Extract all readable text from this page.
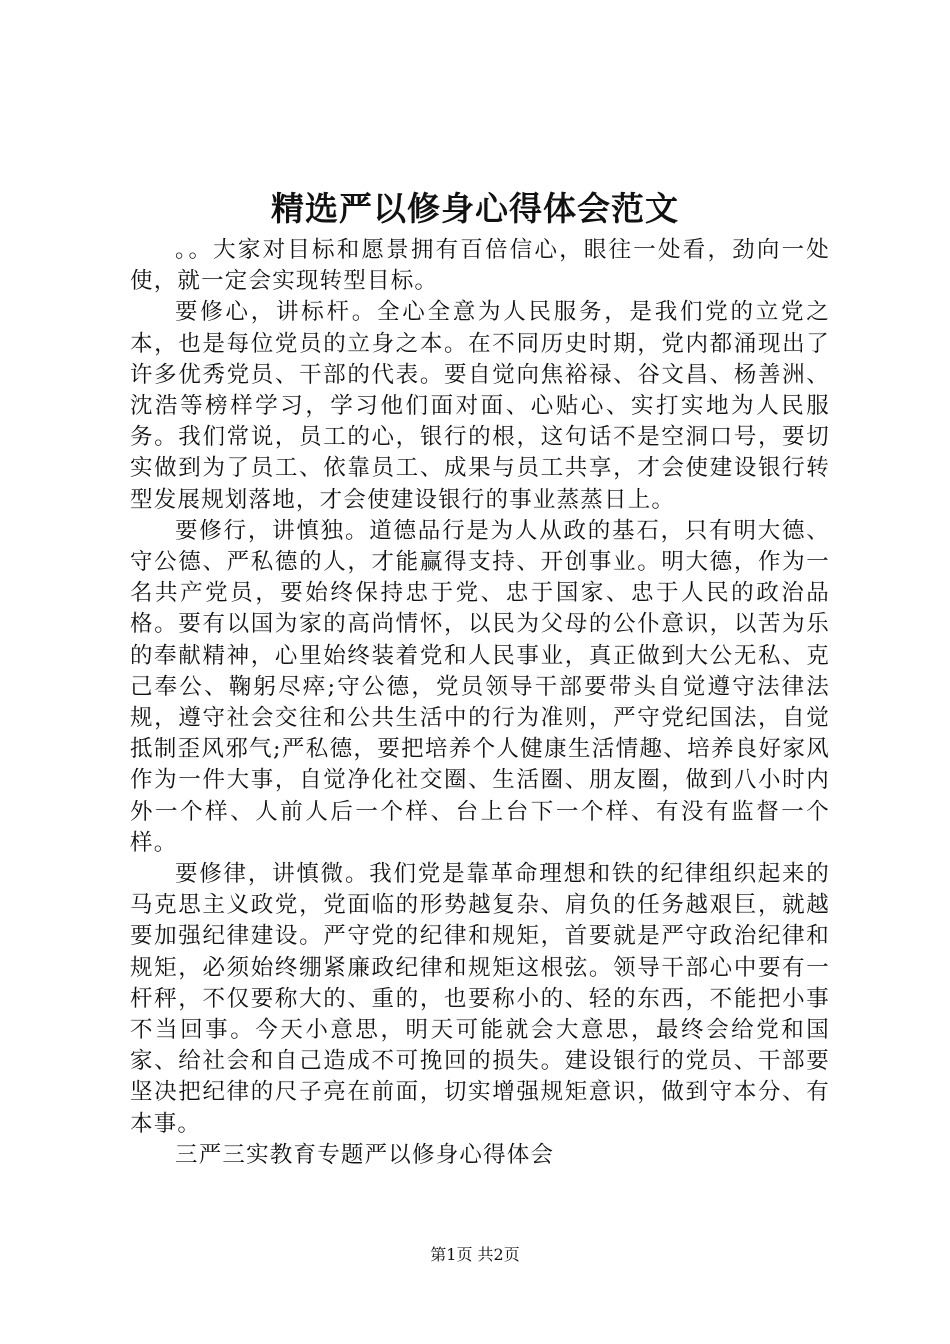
精选严以修身心得体会范文

。。大家对目标和愿景拥有百倍信心，眼往一处看，劲向一处使，就一定会实现转型目标。

要修心，讲标杆。全心全意为人民服务，是我们党的立党之本，也是每位党员的立身之本。在不同历史时期，党内都涌现出了许多优秀党员、干部的代表。要自觉向焦裕禄、谷文昌、杨善洲、沈浩等榜样学习，学习他们面对面、心贴心、实打实地为人民服务。我们常说，员工的心，银行的根，这句话不是空洞口号，要切实做到为了员工、依靠员工、成果与员工共享，才会使建设银行转型发展规划落地，才会使建设银行的事业蒸蒸日上。

要修行，讲慎独。道德品行是为人从政的基石，只有明大德、守公德、严私德的人，才能赢得支持、开创事业。明大德，作为一名共产党员，要始终保持忠于党、忠于国家、忠于人民的政治品格。要有以国为家的高尚情怀，以民为父母的公仆意识，以苦为乐的奉献精神，心里始终装着党和人民事业，真正做到大公无私、克己奉公、鞠躬尽瘁;守公德，党员领导干部要带头自觉遵守法律法规，遵守社会交往和公共生活中的行为准则，严守党纪国法，自觉抵制歪风邪气;严私德，要把培养个人健康生活情趣、培养良好家风作为一件大事，自觉净化社交圈、生活圈、朋友圈，做到八小时内外一个样、人前人后一个样、台上台下一个样、有没有监督一个样。

要修律，讲慎微。我们党是靠革命理想和铁的纪律组织起来的马克思主义政党，党面临的形势越复杂、肩负的任务越艰巨，就越要加强纪律建设。严守党的纪律和规矩，首要就是严守政治纪律和规矩，必须始终绷紧廉政纪律和规矩这根弦。领导干部心中要有一杆秤，不仅要称大的、重的，也要称小的、轻的东西，不能把小事不当回事。今天小意思，明天可能就会大意思，最终会给党和国家、给社会和自己造成不可挽回的损失。建设银行的党员、干部要坚决把纪律的尺子亮在前面，切实增强规矩意识，做到守本分、有本事。

三严三实教育专题严以修身心得体会

第1页 共2页
